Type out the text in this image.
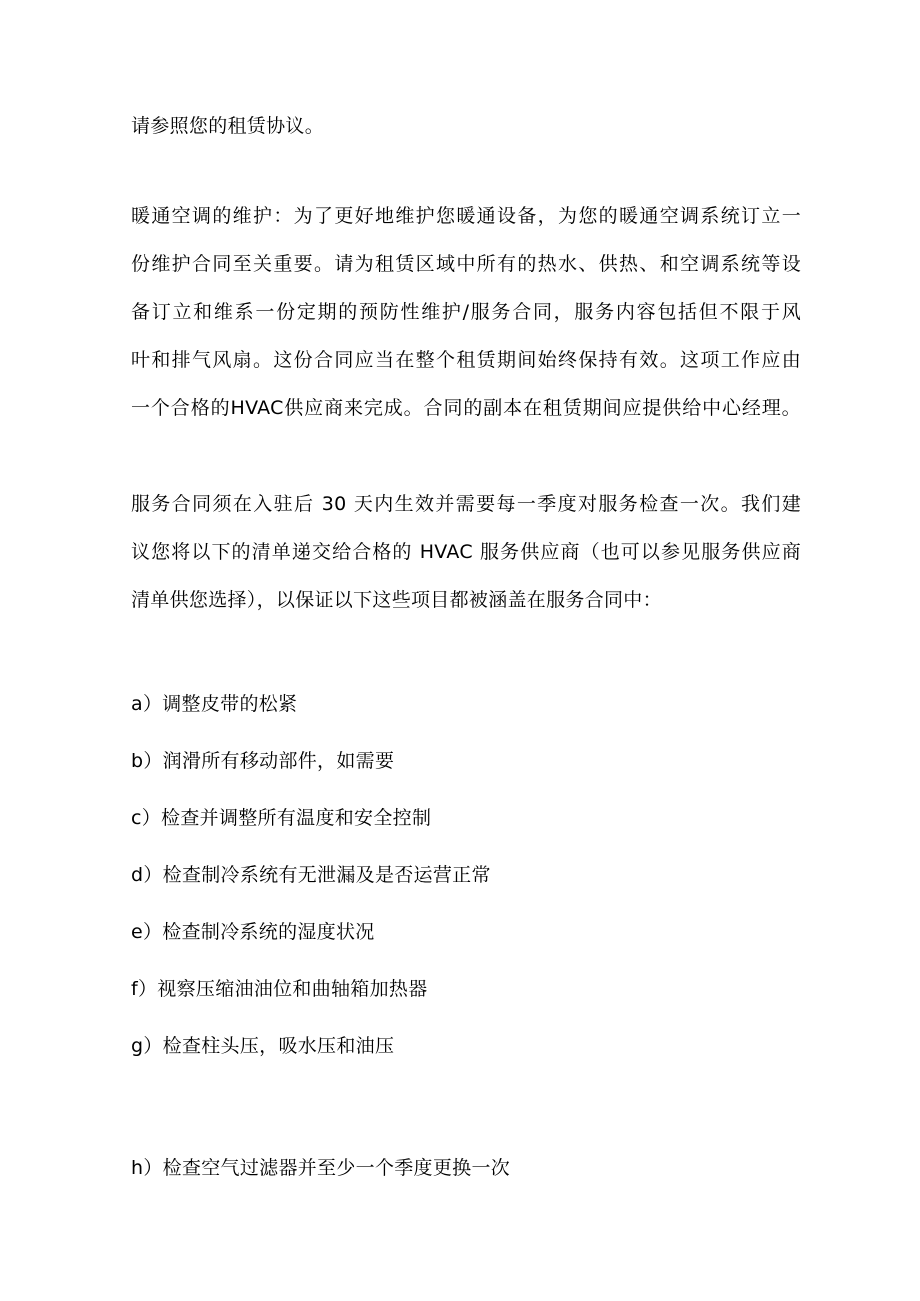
请参照您的租赁协议。
暖通空调的维护：为了更好地维护您暖通设备，为您的暖通空调系统订立一
份维护合同至关重要。请为租赁区域中所有的热水、供热、和空调系统等设
备订立和维系一份定期的预防性维护/服务合同，服务内容包括但不限于风
叶和排气风扇。这份合同应当在整个租赁期间始终保持有效。这项工作应由
一个合格的HVAC供应商来完成。合同的副本在租赁期间应提供给中心经理。
服务合同须在入驻后 30 天内生效并需要每一季度对服务检查一次。我们建
议您将以下的清单递交给合格的 HVAC 服务供应商（也可以参见服务供应商
清单供您选择），以保证以下这些项目都被涵盖在服务合同中：
a）调整皮带的松紧
b）润滑所有移动部件，如需要
c）检查并调整所有温度和安全控制
d）检查制冷系统有无泄漏及是否运营正常
e）检查制冷系统的湿度状况
f）视察压缩油油位和曲轴箱加热器
g）检查柱头压，吸水压和油压
h）检查空气过滤器并至少一个季度更换一次
